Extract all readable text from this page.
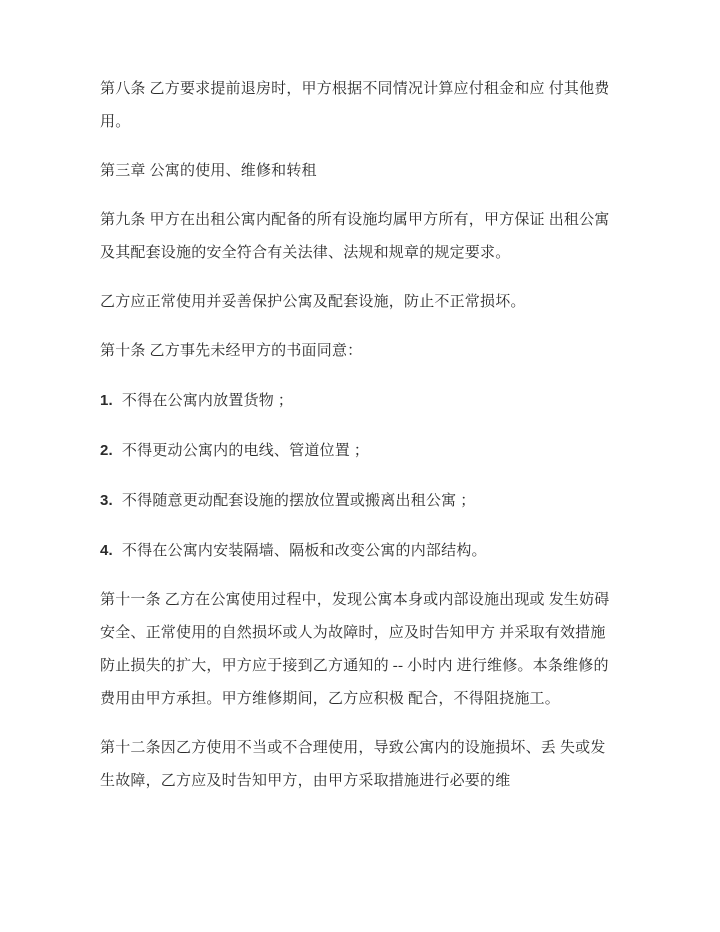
第八条 乙方要求提前退房时，甲方根据不同情况计算应付租金和应 付其他费
用。
第三章 公寓的使用、维修和转租
第九条 甲方在出租公寓内配备的所有设施均属甲方所有，甲方保证 出租公寓
及其配套设施的安全符合有关法律、法规和规章的规定要求。
乙方应正常使用并妥善保护公寓及配套设施，防止不正常损坏。
第十条 乙方事先未经甲方的书面同意：
1. 不得在公寓内放置货物 ；
2. 不得更动公寓内的电线、管道位置 ；
3. 不得随意更动配套设施的摆放位置或搬离出租公寓 ；
4. 不得在公寓内安装隔墙、隔板和改变公寓的内部结构。
第十一条 乙方在公寓使用过程中，发现公寓本身或内部设施出现或 发生妨碍
安全、正常使用的自然损坏或人为故障时，应及时告知甲方 并采取有效措施
防止损失的扩大，甲方应于接到乙方通知的 -- 小时内 进行维修。本条维修的
费用由甲方承担。甲方维修期间，乙方应积极 配合，不得阻挠施工。
第十二条因乙方使用不当或不合理使用，导致公寓内的设施损坏、丢 失或发
生故障，乙方应及时告知甲方，由甲方采取措施进行必要的维
